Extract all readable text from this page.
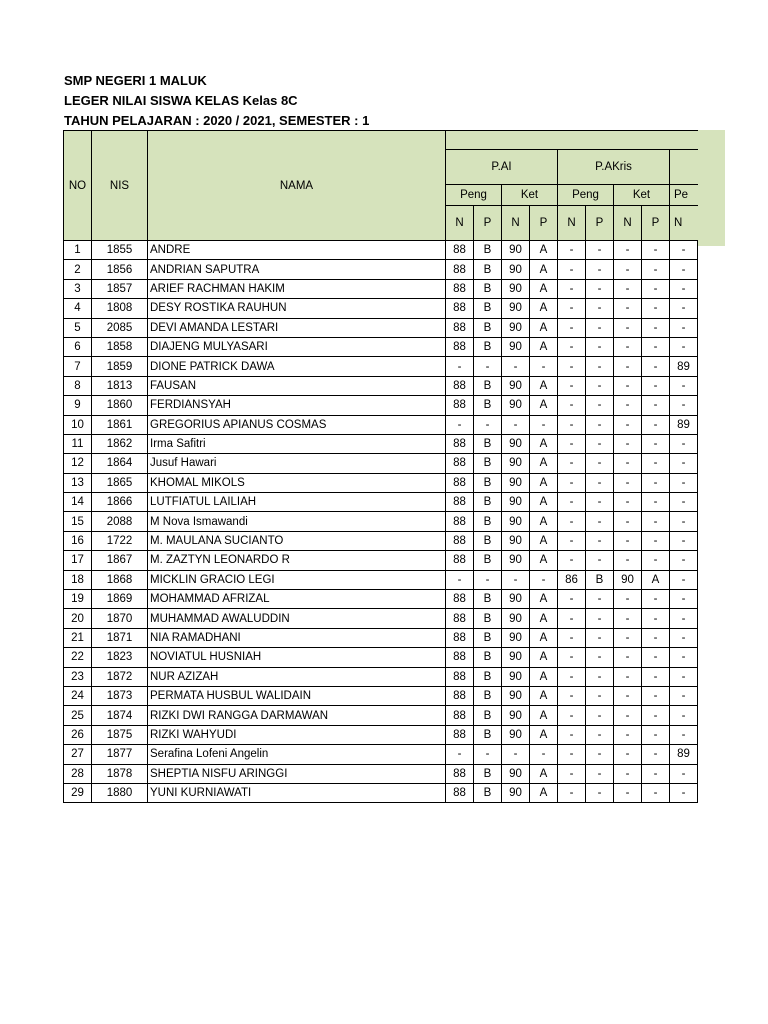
SMP NEGERI 1 MALUK
LEGER NILAI SISWA KELAS Kelas 8C
TAHUN PELAJARAN : 2020 / 2021, SEMESTER : 1
NO	NIS	NAMA									
			P.AI				P.AKris				
			Peng		Ket		Peng		Ket		Pe
			N	P	N	P	N	P	N	P	N
1	1855	ANDRE	88	B	90	A	-	-	-	-	-
2	1856	ANDRIAN SAPUTRA	88	B	90	A	-	-	-	-	-
3	1857	ARIEF RACHMAN HAKIM	88	B	90	A	-	-	-	-	-
4	1808	DESY ROSTIKA RAUHUN	88	B	90	A	-	-	-	-	-
5	2085	DEVI AMANDA LESTARI	88	B	90	A	-	-	-	-	-
6	1858	DIAJENG MULYASARI	88	B	90	A	-	-	-	-	-
7	1859	DIONE PATRICK DAWA	-	-	-	-	-	-	-	-	89
8	1813	FAUSAN	88	B	90	A	-	-	-	-	-
9	1860	FERDIANSYAH	88	B	90	A	-	-	-	-	-
10	1861	GREGORIUS APIANUS COSMAS	-	-	-	-	-	-	-	-	89
11	1862	Irma Safitri	88	B	90	A	-	-	-	-	-
12	1864	Jusuf Hawari	88	B	90	A	-	-	-	-	-
13	1865	KHOMAL MIKOLS	88	B	90	A	-	-	-	-	-
14	1866	LUTFIATUL LAILIAH	88	B	90	A	-	-	-	-	-
15	2088	M Nova Ismawandi	88	B	90	A	-	-	-	-	-
16	1722	M. MAULANA SUCIANTO	88	B	90	A	-	-	-	-	-
17	1867	M. ZAZTYN LEONARDO R	88	B	90	A	-	-	-	-	-
18	1868	MICKLIN GRACIO LEGI	-	-	-	-	86	B	90	A	-
19	1869	MOHAMMAD AFRIZAL	88	B	90	A	-	-	-	-	-
20	1870	MUHAMMAD AWALUDDIN	88	B	90	A	-	-	-	-	-
21	1871	NIA RAMADHANI	88	B	90	A	-	-	-	-	-
22	1823	NOVIATUL HUSNIAH	88	B	90	A	-	-	-	-	-
23	1872	NUR AZIZAH	88	B	90	A	-	-	-	-	-
24	1873	PERMATA HUSBUL WALIDAIN	88	B	90	A	-	-	-	-	-
25	1874	RIZKI DWI RANGGA DARMAWAN	88	B	90	A	-	-	-	-	-
26	1875	RIZKI WAHYUDI	88	B	90	A	-	-	-	-	-
27	1877	Serafina Lofeni Angelin	-	-	-	-	-	-	-	-	89
28	1878	SHEPTIA NISFU ARINGGI	88	B	90	A	-	-	-	-	-
29	1880	YUNI KURNIAWATI	88	B	90	A	-	-	-	-	-
